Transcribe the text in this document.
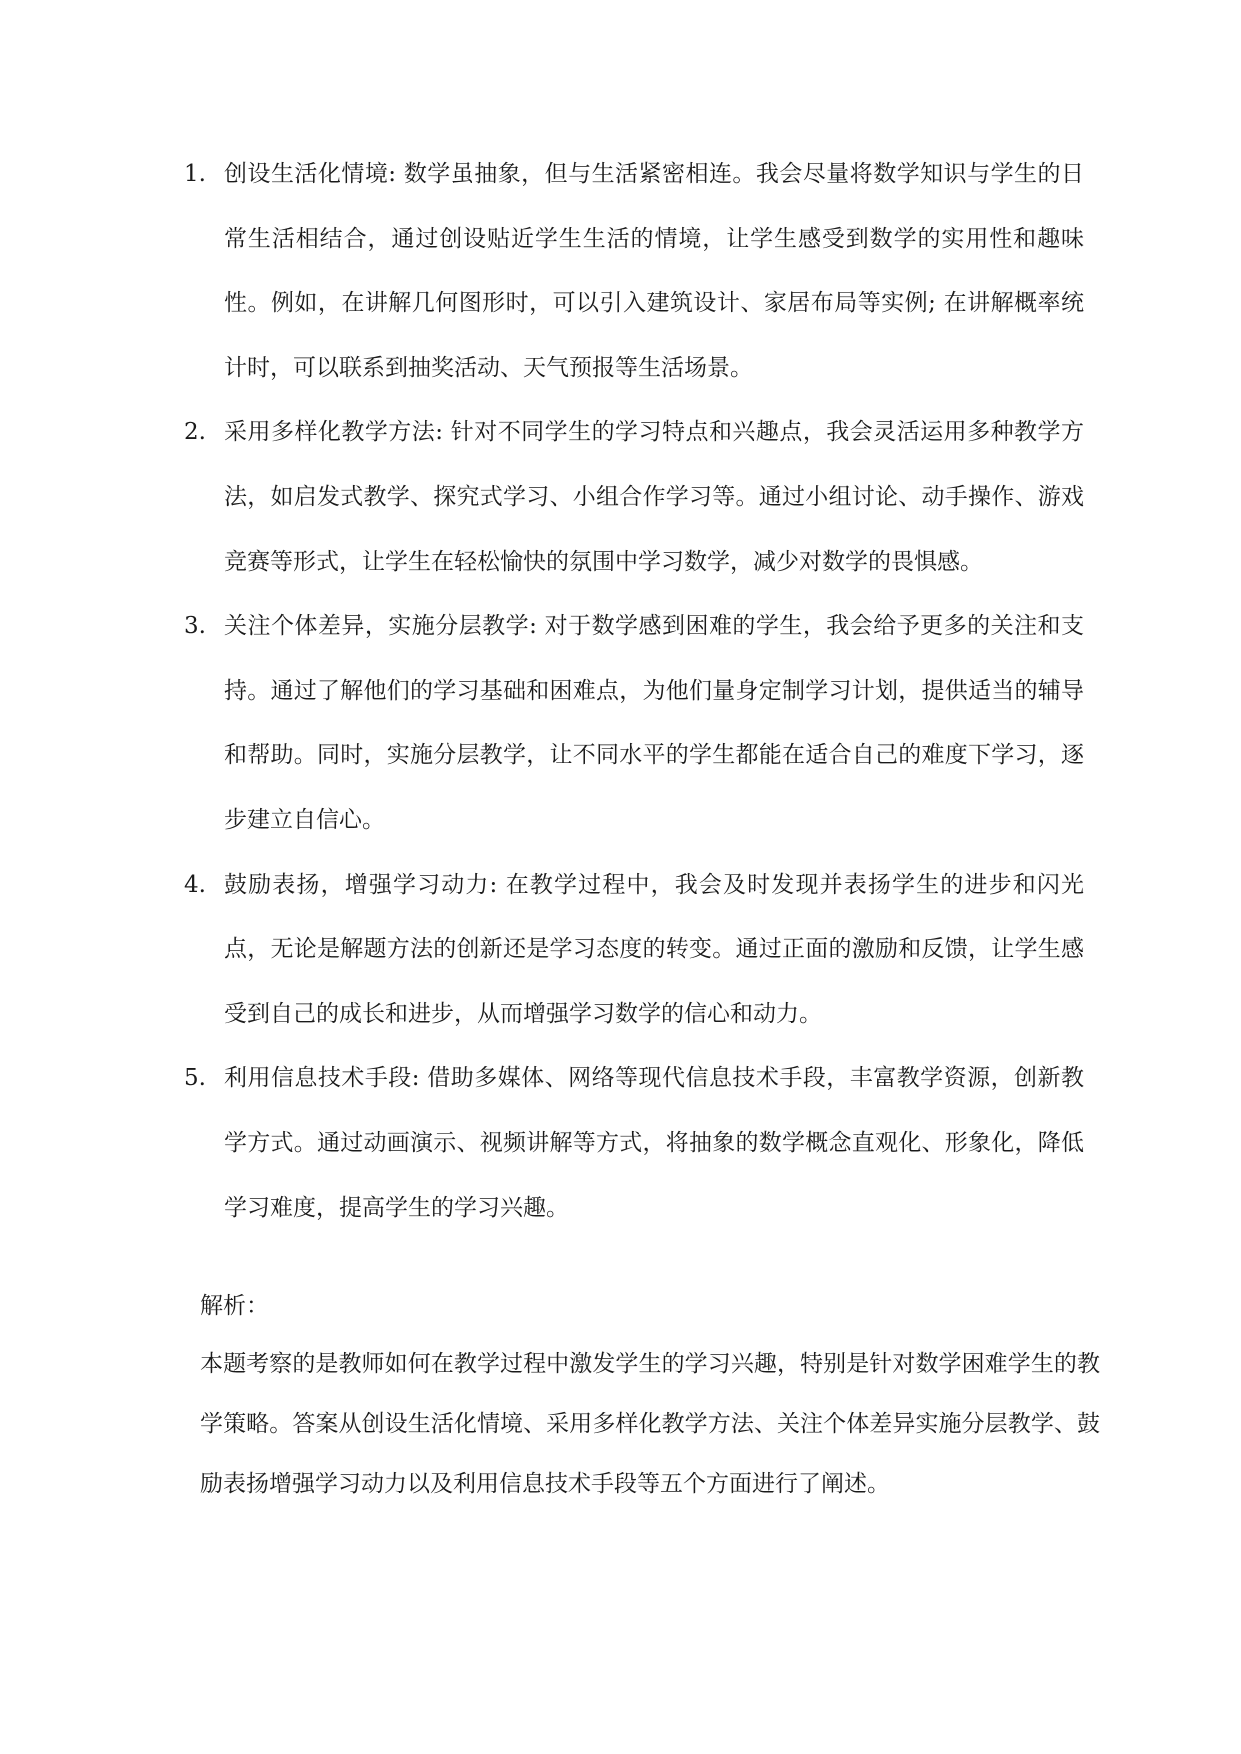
1. 创设生活化情境: 数学虽抽象，但与生活紧密相连。我会尽量将数学知识与学生的日常生活相结合，通过创设贴近学生生活的情境，让学生感受到数学的实用性和趣味性。例如，在讲解几何图形时，可以引入建筑设计、家居布局等实例; 在讲解概率统计时，可以联系到抽奖活动、天气预报等生活场景。
2. 采用多样化教学方法: 针对不同学生的学习特点和兴趣点，我会灵活运用多种教学方法，如启发式教学、探究式学习、小组合作学习等。通过小组讨论、动手操作、游戏竞赛等形式，让学生在轻松愉快的氛围中学习数学，减少对数学的畏惧感。
3. 关注个体差异，实施分层教学: 对于数学感到困难的学生，我会给予更多的关注和支持。通过了解他们的学习基础和困难点，为他们量身定制学习计划，提供适当的辅导和帮助。同时，实施分层教学，让不同水平的学生都能在适合自己的难度下学习，逐步建立自信心。
4. 鼓励表扬，增强学习动力: 在教学过程中，我会及时发现并表扬学生的进步和闪光点，无论是解题方法的创新还是学习态度的转变。通过正面的激励和反馈，让学生感受到自己的成长和进步，从而增强学习数学的信心和动力。
5. 利用信息技术手段: 借助多媒体、网络等现代信息技术手段，丰富教学资源，创新教学方式。通过动画演示、视频讲解等方式，将抽象的数学概念直观化、形象化，降低学习难度，提高学生的学习兴趣。
解析：

本题考察的是教师如何在教学过程中激发学生的学习兴趣，特别是针对数学困难学生的教学策略。答案从创设生活化情境、采用多样化教学方法、关注个体差异实施分层教学、鼓励表扬增强学习动力以及利用信息技术手段等五个方面进行了阐述。
